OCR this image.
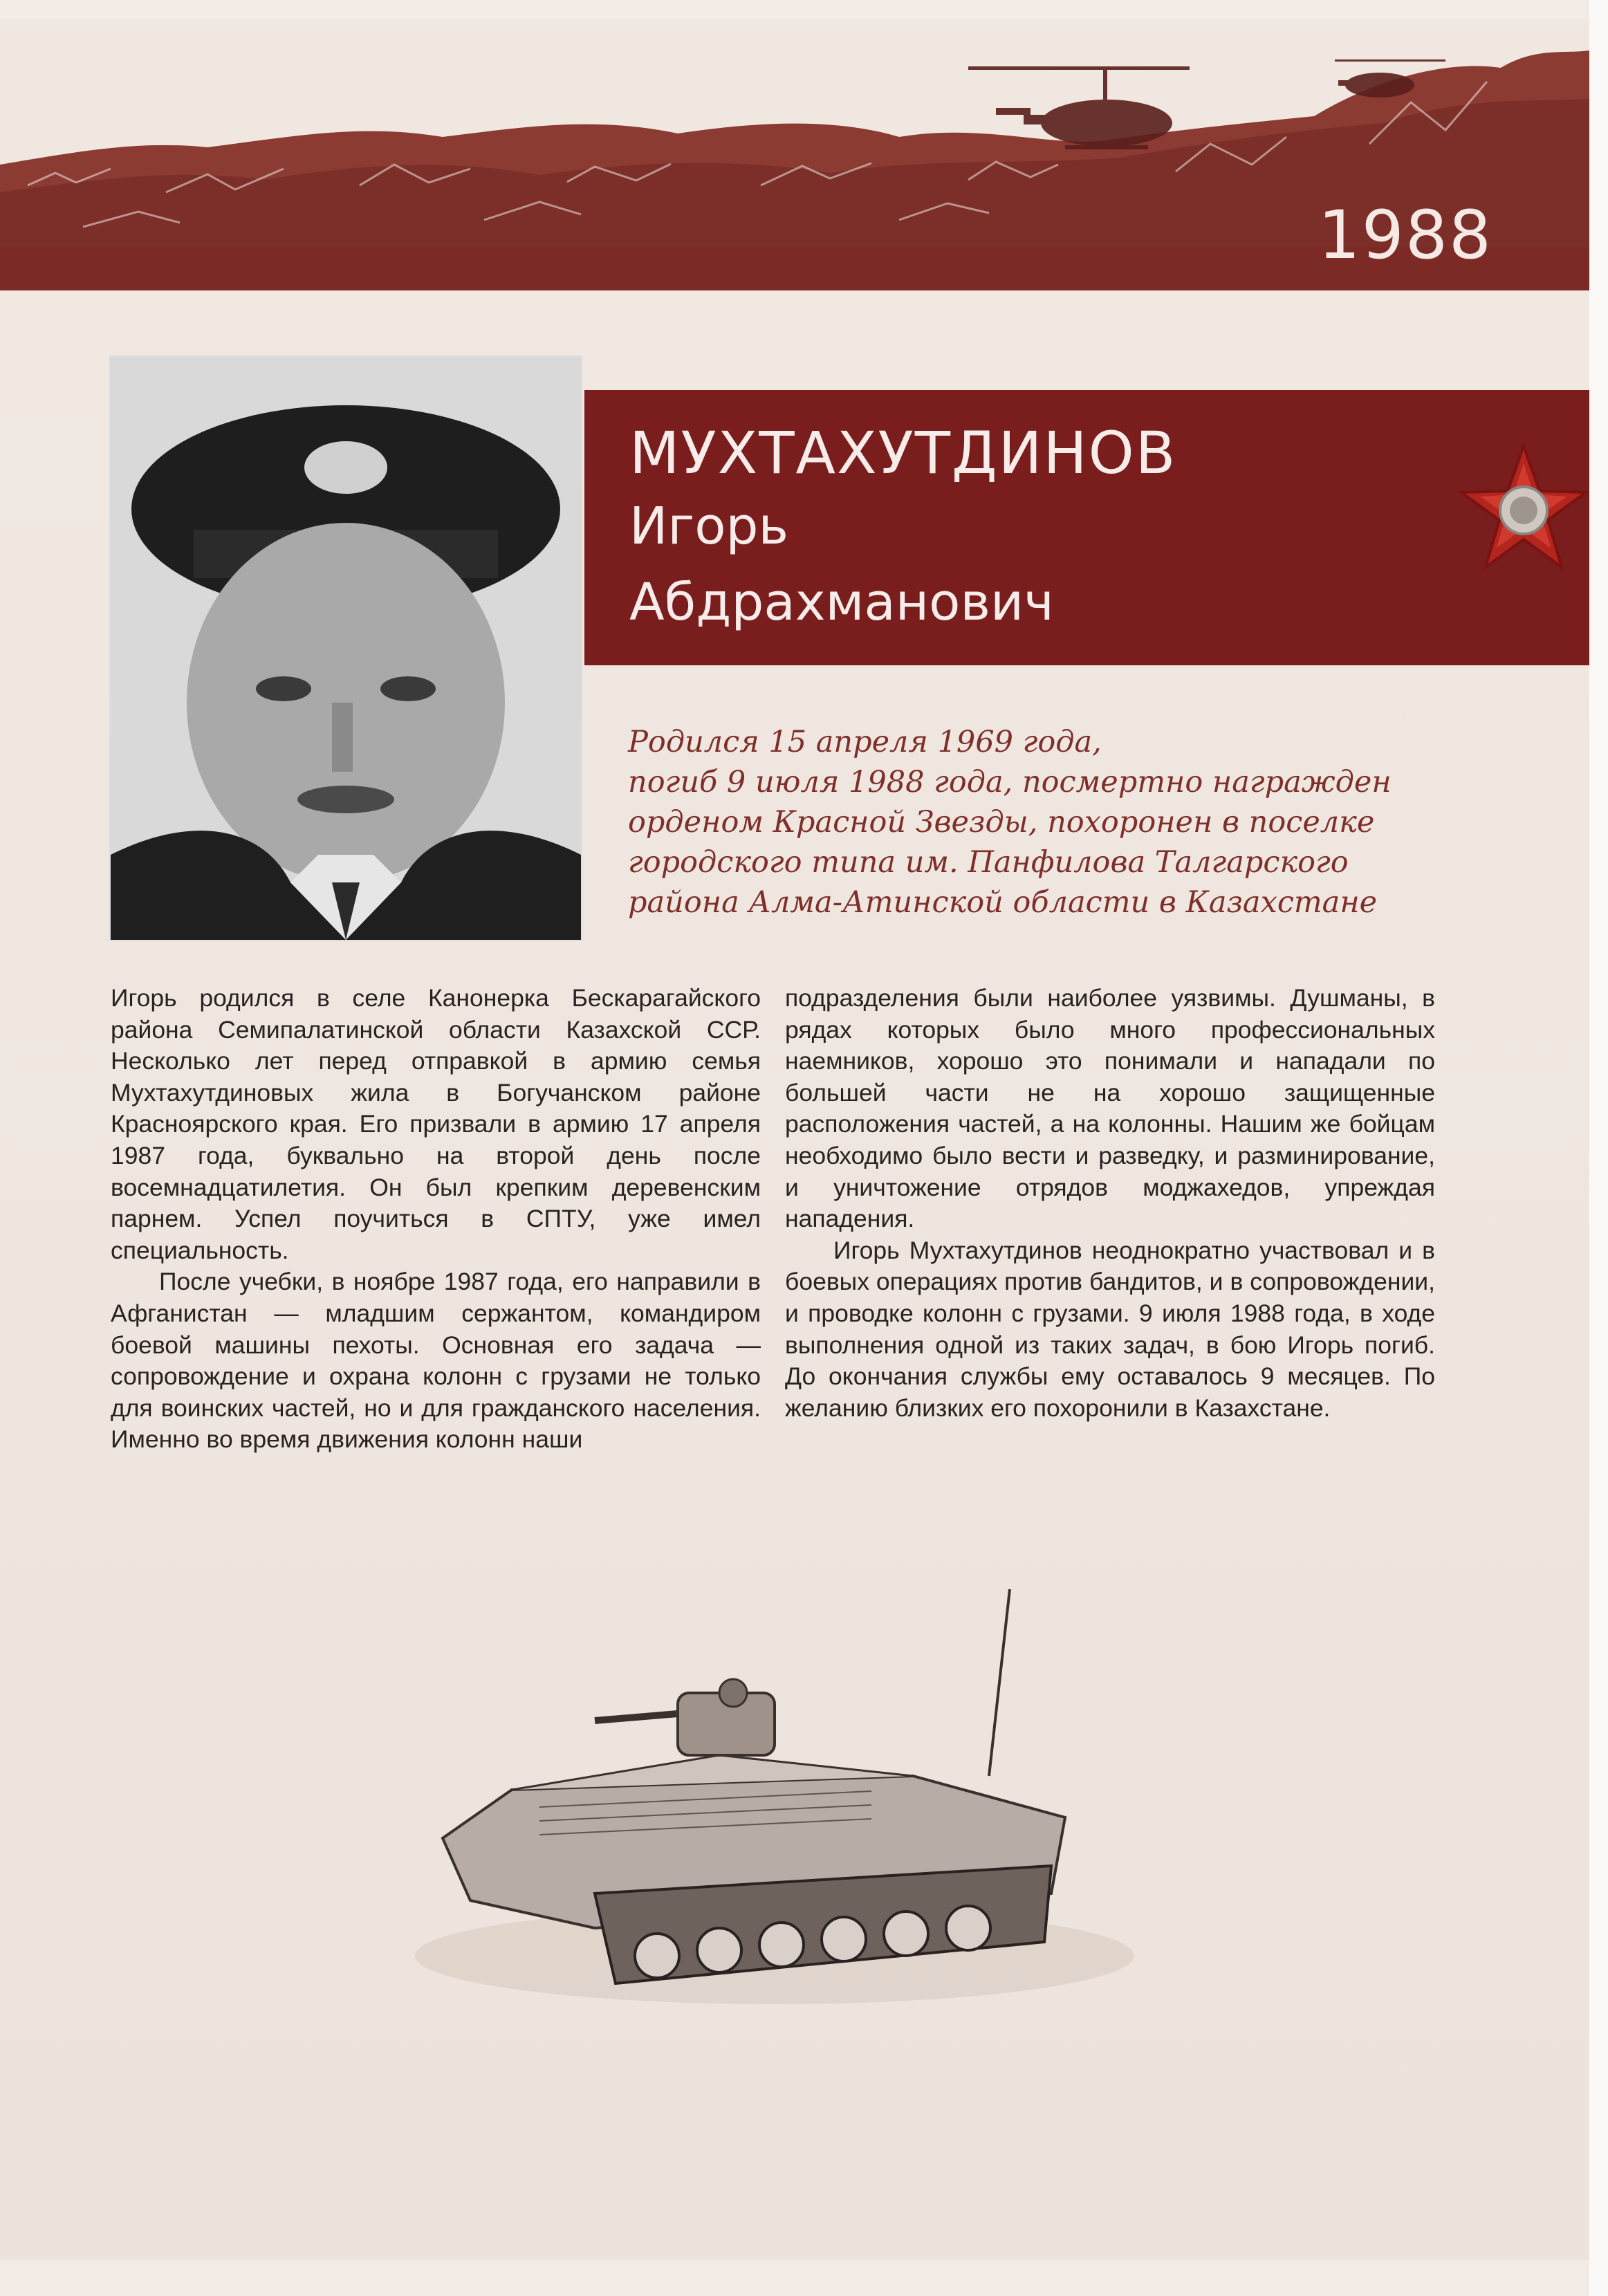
1988
МУХТАХУТДИНОВ
Игорь
Абдрахманович
Родился 15 апреля 1969 года,
погиб 9 июля 1988 года, посмертно награжден
орденом Красной Звезды, похоронен в поселке
городского типа им. Панфилова Талгарского
района Алма-Атинской области в Казахстане

Игорь родился в селе Канонерка Бескарагайского района Семипалатинской области Казахской ССР. Несколько лет перед отправкой в армию семья Мухтахутдиновых жила в Богучанском районе Красноярского края. Его призвали в армию 17 апреля 1987 года, буквально на второй день после восемнадцатилетия. Он был крепким деревенским парнем. Успел поучиться в СПТУ, уже имел специальность.

После учебки, в ноябре 1987 года, его направили в Афганистан — младшим сержантом, командиром боевой машины пехоты. Основная его задача — сопровождение и охрана колонн с грузами не только для воинских частей, но и для гражданского населения. Именно во время движения колонн наши

подразделения были наиболее уязвимы. Душманы, в рядах которых было много профессиональных наемников, хорошо это понимали и нападали по большей части не на хорошо защищенные расположения частей, а на колонны. Нашим же бойцам необходимо было вести и разведку, и разминирование, и уничтожение отрядов моджахедов, упреждая нападения.

Игорь Мухтахутдинов неоднократно участвовал и в боевых операциях против бандитов, и в сопровождении, и проводке колонн с грузами. 9 июля 1988 года, в ходе выполнения одной из таких задач, в бою Игорь погиб. До окончания службы ему оставалось 9 месяцев. По желанию близких его похоронили в Казахстане.
